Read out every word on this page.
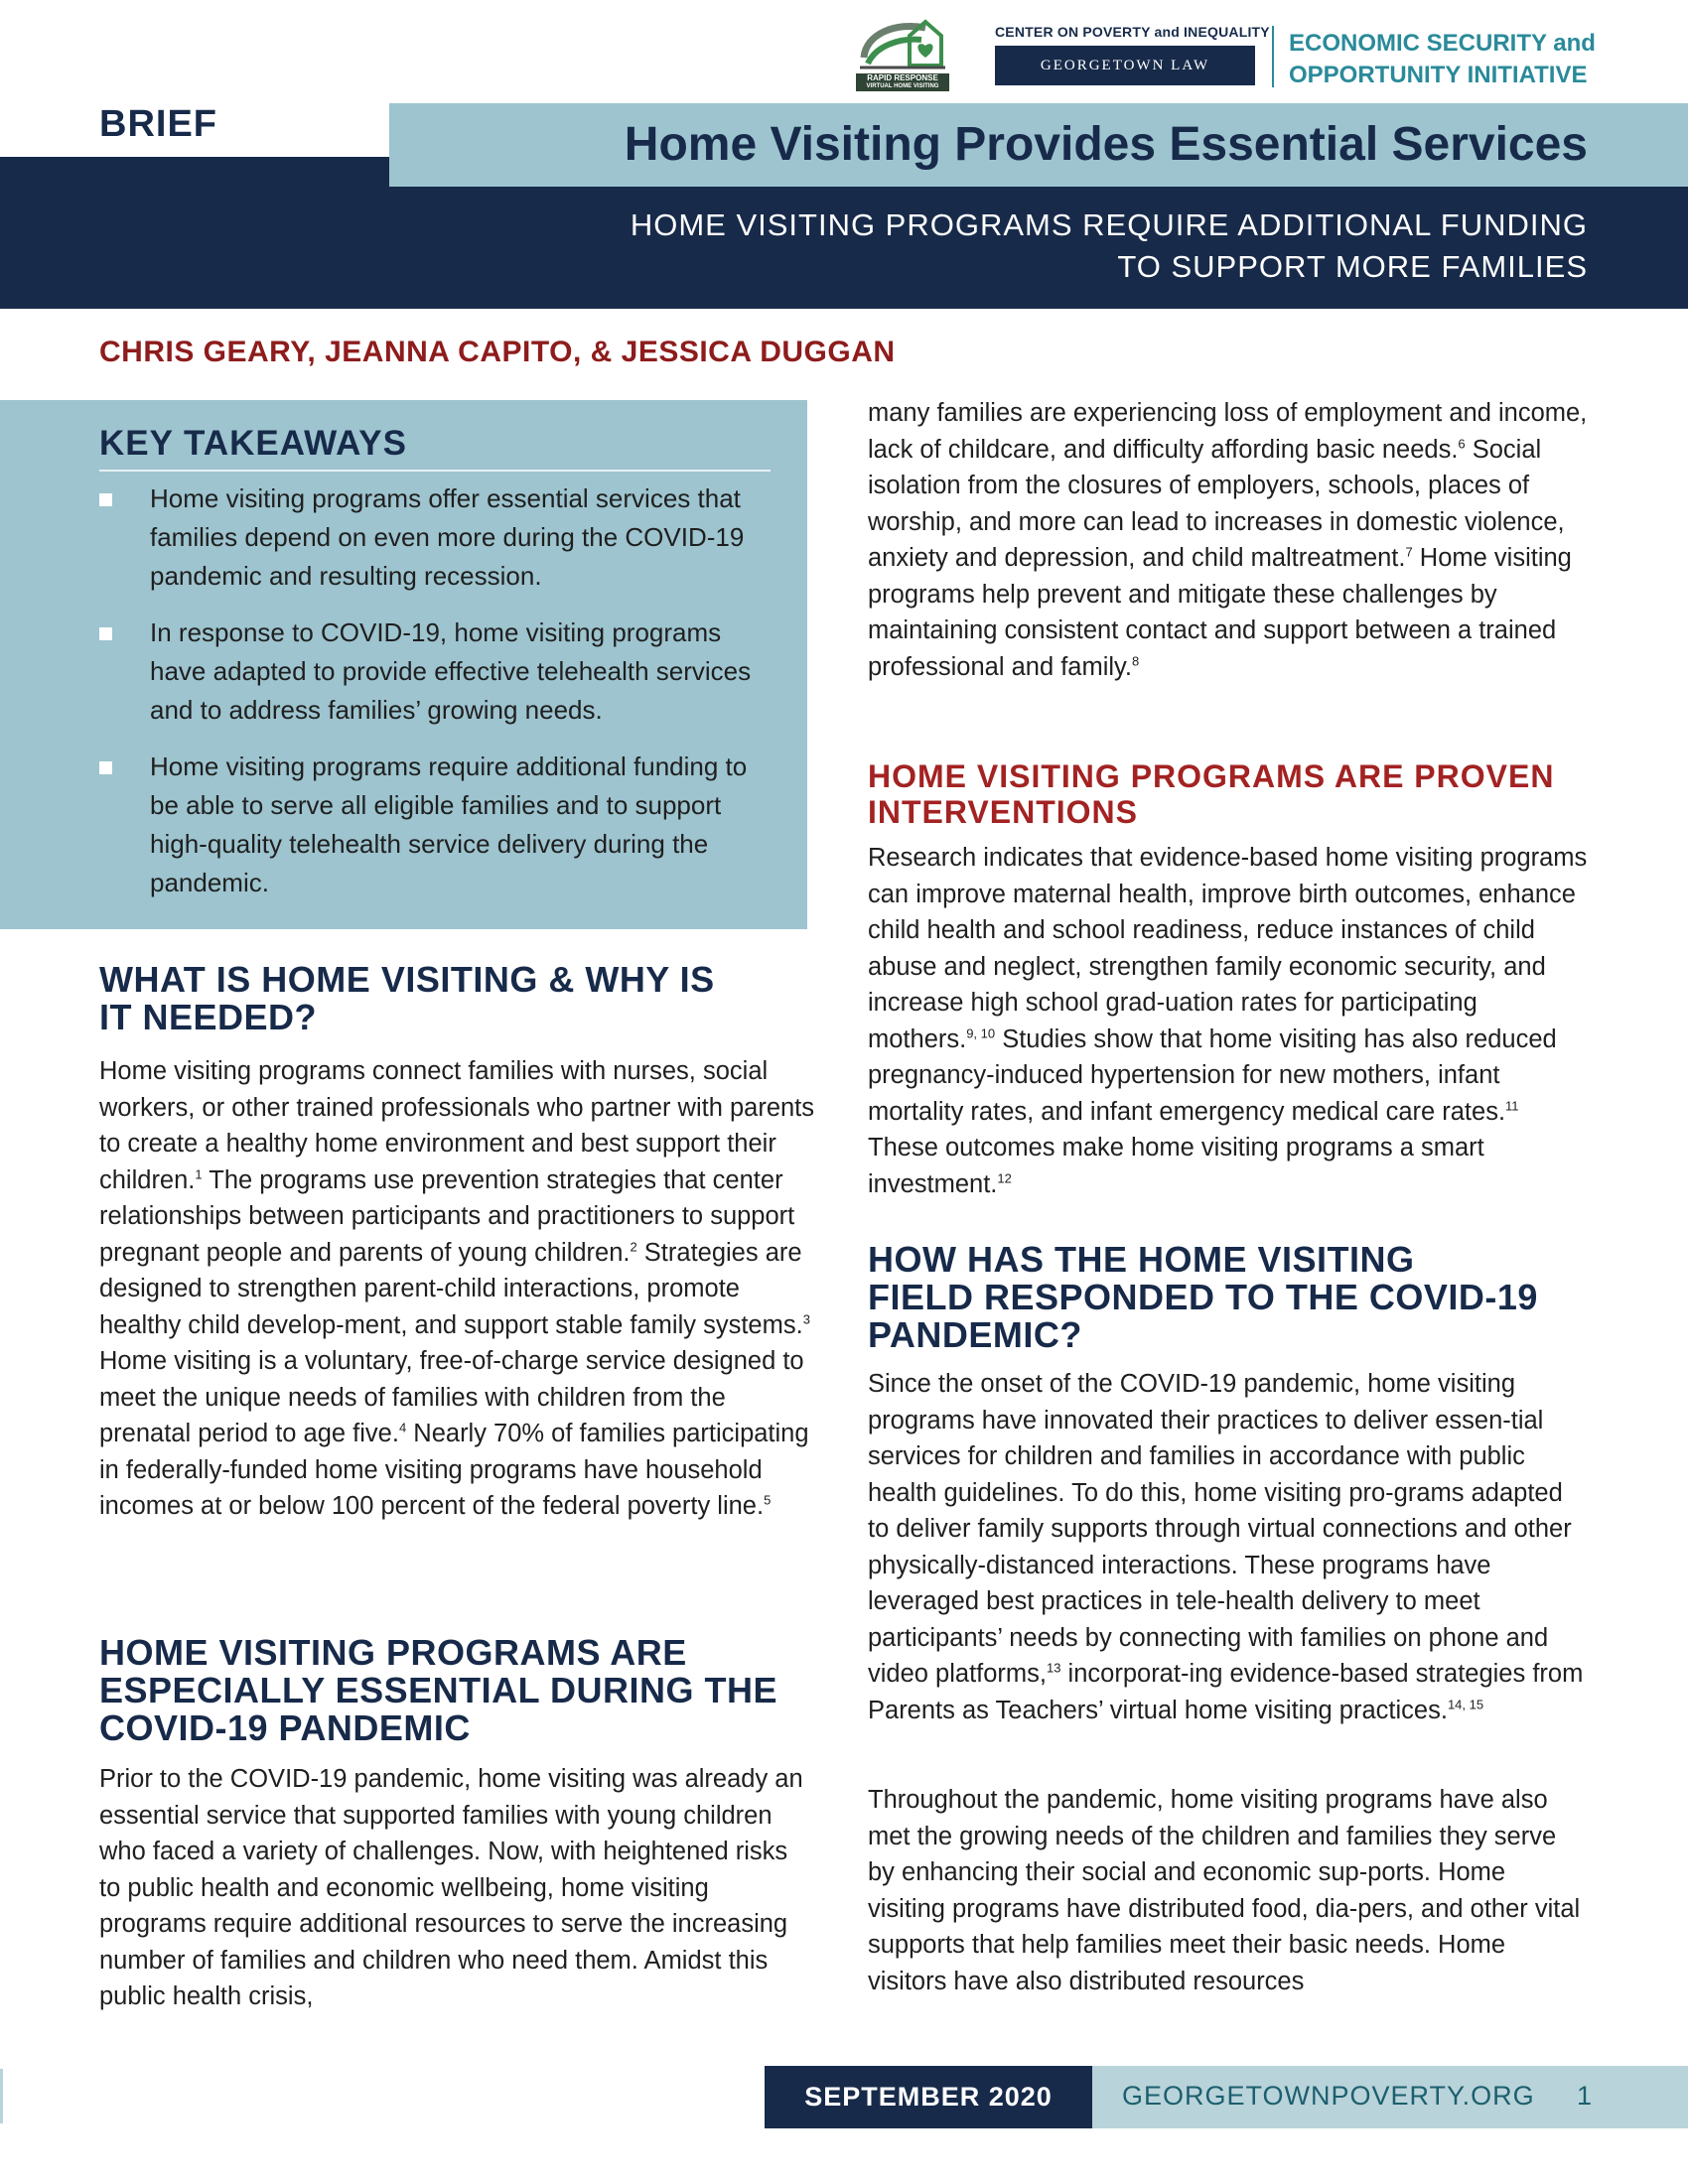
RAPID RESPONSE
VIRTUAL HOME VISITING
CENTER ON POVERTY and INEQUALITY
GEORGETOWN LAW
ECONOMIC SECURITY and
OPPORTUNITY INITIATIVE
BRIEF
HOME VISITING PROGRAMS REQUIRE ADDITIONAL FUNDING
TO SUPPORT MORE FAMILIES
Home Visiting Provides Essential Services
CHRIS GEARY, JEANNA CAPITO, & JESSICA DUGGAN
KEY TAKEAWAYS
Home visiting programs offer essential services that families depend on even more during the COVID-19 pandemic and resulting recession.
In response to COVID-19, home visiting programs have adapted to provide effective telehealth services and to address families’ growing needs.
Home visiting programs require additional funding to be able to serve all eligible families and to support high-quality telehealth service delivery during the pandemic.
WHAT IS HOME VISITING & WHY IS
IT NEEDED?

Home visiting programs connect families with nurses, social workers, or other trained professionals who partner with parents to create a healthy home environment and best support their children.$^1$ The programs use prevention strategies that center relationships between participants and practitioners to support pregnant people and parents of young children.$^2$ Strategies are designed to strengthen parent-child interactions, promote healthy child develop-ment, and support stable family systems.$^3$ Home visiting is a voluntary, free-of-charge service designed to meet the unique needs of families with children from the prenatal period to age five.$^4$ Nearly 70% of families participating in federally-funded home visiting programs have household incomes at or below 100 percent of the federal poverty line.$^5$

HOME VISITING PROGRAMS ARE
ESPECIALLY ESSENTIAL DURING THE
COVID-19 PANDEMIC

Prior to the COVID-19 pandemic, home visiting was already an essential service that supported families with young children who faced a variety of challenges. Now, with heightened risks to public health and economic wellbeing, home visiting programs require additional resources to serve the increasing number of families and children who need them. Amidst this public health crisis,

many families are experiencing loss of employment and income, lack of childcare, and difficulty affording basic needs.$^6$ Social isolation from the closures of employers, schools, places of worship, and more can lead to increases in domestic violence, anxiety and depression, and child maltreatment.$^7$ Home visiting programs help prevent and mitigate these challenges by maintaining consistent contact and support between a trained professional and family.$^8$

HOME VISITING PROGRAMS ARE PROVEN
INTERVENTIONS

Research indicates that evidence-based home visiting programs can improve maternal health, improve birth outcomes, enhance child health and school readiness, reduce instances of child abuse and neglect, strengthen family economic security, and increase high school grad-uation rates for participating mothers.$^{9, 10}$ Studies show that home visiting has also reduced pregnancy-induced hypertension for new mothers, infant mortality rates, and infant emergency medical care rates.$^{11}$ These outcomes make home visiting programs a smart investment.$^{12}$

HOW HAS THE HOME VISITING
FIELD RESPONDED TO THE COVID-19
PANDEMIC?

Since the onset of the COVID-19 pandemic, home visiting programs have innovated their practices to deliver essen-tial services for children and families in accordance with public health guidelines. To do this, home visiting pro-grams adapted to deliver family supports through virtual connections and other physically-distanced interactions. These programs have leveraged best practices in tele-health delivery to meet participants’ needs by connecting with families on phone and video platforms,$^{13}$ incorporat-ing evidence-based strategies from Parents as Teachers’ virtual home visiting practices.$^{14, 15}$

Throughout the pandemic, home visiting programs have also met the growing needs of the children and families they serve by enhancing their social and economic sup-ports. Home visiting programs have distributed food, dia-pers, and other vital supports that help families meet their basic needs. Home visitors have also distributed resources

SEPTEMBER 2020	GEORGETOWNPOVERTY.ORG 1
